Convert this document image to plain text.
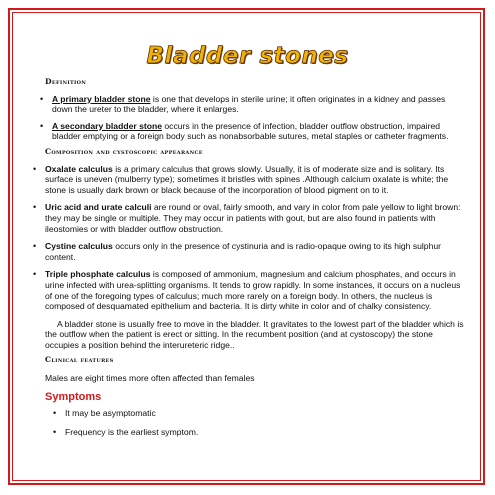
Bladder stones
Definition
• A primary bladder stone is one that develops in sterile urine; it often originates in a kidney and passes down the ureter to the bladder, where it enlarges.
• A secondary bladder stone occurs in the presence of infection, bladder outflow obstruction, impaired bladder emptying or a foreign body such as nonabsorbable sutures, metal staples or catheter fragments.
Composition and cystoscopic appearance
• Oxalate calculus is a primary calculus that grows slowly. Usually, it is of moderate size and is solitary. Its surface is uneven (mulberry type); sometimes it bristles with spines .Although calcium oxalate is white; the stone is usually dark brown or black because of the incorporation of blood pigment on to it.
• Uric acid and urate calculi are round or oval, fairly smooth, and vary in color from pale yellow to light brown: they may be single or multiple. They may occur in patients with gout, but are also found in patients with ileostomies or with bladder outflow obstruction.
• Cystine calculus occurs only in the presence of cystinuria and is radio-opaque owing to its high sulphur content.
• Triple phosphate calculus is composed of ammonium, magnesium and calcium phosphates, and occurs in urine infected with urea-splitting organisms. It tends to grow rapidly. In some instances, it occurs on a nucleus of one of the foregoing types of calculus; much more rarely on a foreign body. In others, the nucleus is composed of desquamated epithelium and bacteria. It is dirty white in color and of chalky consistency.
A bladder stone is usually free to move in the bladder. It gravitates to the lowest part of the bladder which is the outflow when the patient is erect or sitting. In the recumbent position (and at cystoscopy) the stone occupies a position behind the interureteric ridge..
Clinical features
Males are eight times more often affected than females
Symptoms
• It may be asymptomatic
• Frequency is the earliest symptom.
